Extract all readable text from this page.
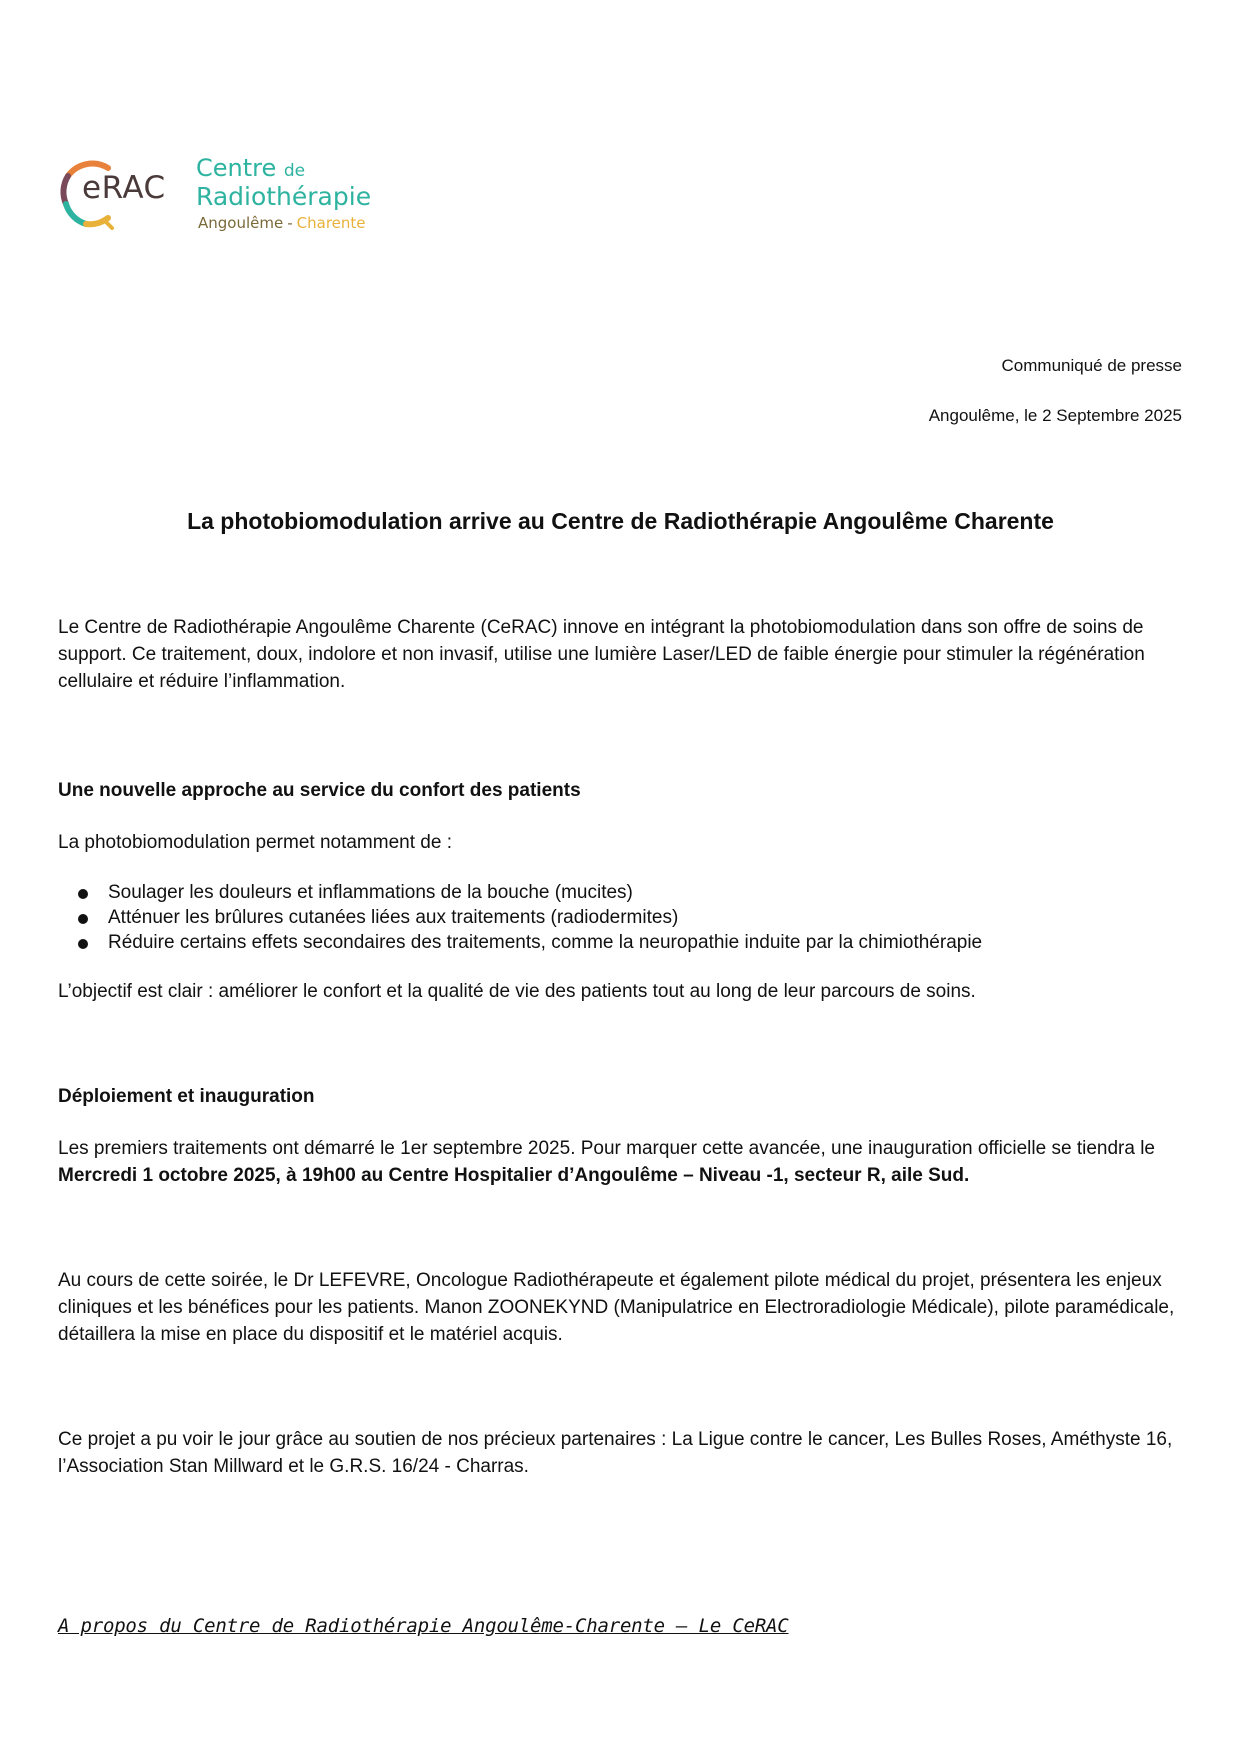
eRAC
Centre de
Radiothérapie
Angoulême - Charente
Communiqué de presse
Angoulême, le 2 Septembre 2025
La photobiomodulation arrive au Centre de Radiothérapie Angoulême Charente
Le Centre de Radiothérapie Angoulême Charente (CeRAC) innove en intégrant la photobiomodulation dans son offre de soins de support. Ce traitement, doux, indolore et non invasif, utilise une lumière Laser/LED de faible énergie pour stimuler la régénération cellulaire et réduire l’inflammation.
Une nouvelle approche au service du confort des patients
La photobiomodulation permet notamment de :
Soulager les douleurs et inflammations de la bouche (mucites)
Atténuer les brûlures cutanées liées aux traitements (radiodermites)
Réduire certains effets secondaires des traitements, comme la neuropathie induite par la chimiothérapie
L’objectif est clair : améliorer le confort et la qualité de vie des patients tout au long de leur parcours de soins.
Déploiement et inauguration
Les premiers traitements ont démarré le 1er septembre 2025. Pour marquer cette avancée, une inauguration officielle se tiendra le Mercredi 1 octobre 2025, à 19h00 au Centre Hospitalier d’Angoulême – Niveau -1, secteur R, aile Sud.
Au cours de cette soirée, le Dr LEFEVRE, Oncologue Radiothérapeute et également pilote médical du projet, présentera les enjeux cliniques et les bénéfices pour les patients. Manon ZOONEKYND (Manipulatrice en Electroradiologie Médicale), pilote paramédicale, détaillera la mise en place du dispositif et le matériel acquis.
Ce projet a pu voir le jour grâce au soutien de nos précieux partenaires : La Ligue contre le cancer, Les Bulles Roses, Améthyste 16, l’Association Stan Millward et le G.R.S. 16/24 - Charras.
A propos du Centre de Radiothérapie Angoulême-Charente – Le CeRAC
